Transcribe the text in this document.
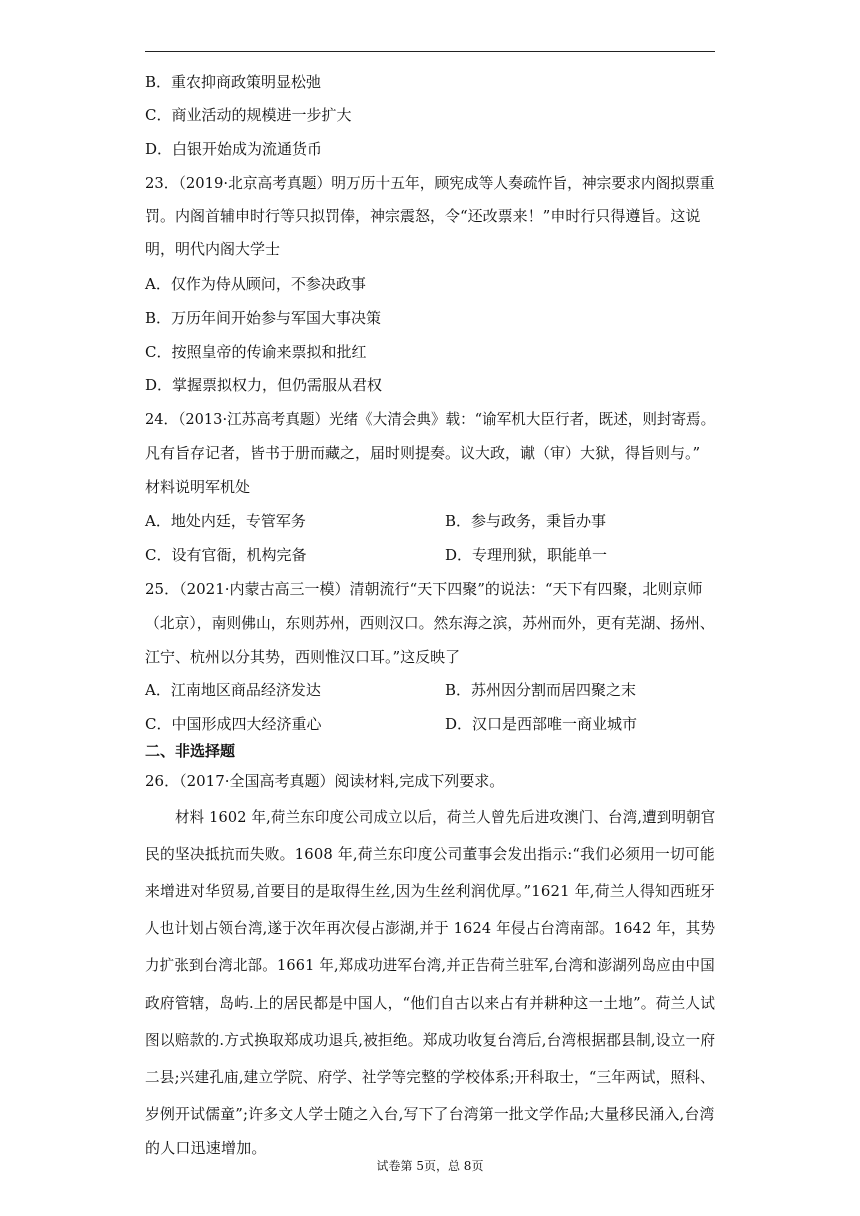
B．重农抑商政策明显松弛
C．商业活动的规模进一步扩大
D．白银开始成为流通货币
23．（2019·北京高考真题）明万历十五年，顾宪成等人奏疏忤旨，神宗要求内阁拟票重
罚。内阁首辅申时行等只拟罚俸，神宗震怒，令“还改票来！”申时行只得遵旨。这说
明，明代内阁大学士
A．仅作为侍从顾问，不参决政事
B．万历年间开始参与军国大事决策
C．按照皇帝的传谕来票拟和批红
D．掌握票拟权力，但仍需服从君权
24．（2013·江苏高考真题）光绪《大清会典》载：“谕军机大臣行者，既述，则封寄焉。
凡有旨存记者，皆书于册而藏之，届时则提奏。议大政，谳（审）大狱，得旨则与。”
材料说明军机处
A．地处内廷，专管军务	B．参与政务，秉旨办事
C．设有官衙，机构完备	D．专理刑狱，职能单一
25．（2021·内蒙古高三一模）清朝流行“天下四聚”的说法：“天下有四聚，北则京师
（北京），南则佛山，东则苏州，西则汉口。然东海之滨，苏州而外，更有芜湖、扬州、
江宁、杭州以分其势，西则惟汉口耳。”这反映了
A．江南地区商品经济发达	B．苏州因分割而居四聚之末
C．中国形成四大经济重心	D．汉口是西部唯一商业城市
二、非选择题
26．（2017·全国高考真题）阅读材料,完成下列要求。
材料 1602 年,荷兰东印度公司成立以后，荷兰人曾先后进攻澳门、台湾,遭到明朝官
民的坚决抵抗而失败。1608 年,荷兰东印度公司董事会发出指示:“我们必须用一切可能
来增进对华贸易,首要目的是取得生丝,因为生丝利润优厚。”1621 年,荷兰人得知西班牙
人也计划占领台湾,遂于次年再次侵占澎湖,并于 1624 年侵占台湾南部。1642 年，其势
力扩张到台湾北部。1661 年,郑成功进军台湾,并正告荷兰驻军,台湾和澎湖列岛应由中国
政府管辖，岛屿.上的居民都是中国人，“他们自古以来占有并耕种这一土地”。荷兰人试
图以赔款的.方式换取郑成功退兵,被拒绝。郑成功收复台湾后,台湾根据郡县制,设立一府
二县;兴建孔庙,建立学院、府学、社学等完整的学校体系;开科取士，“三年两试，照科、
岁例开试儒童”;许多文人学士随之入台,写下了台湾第一批文学作品;大量移民涌入,台湾
的人口迅速增加。
试卷第 5页，总 8页
